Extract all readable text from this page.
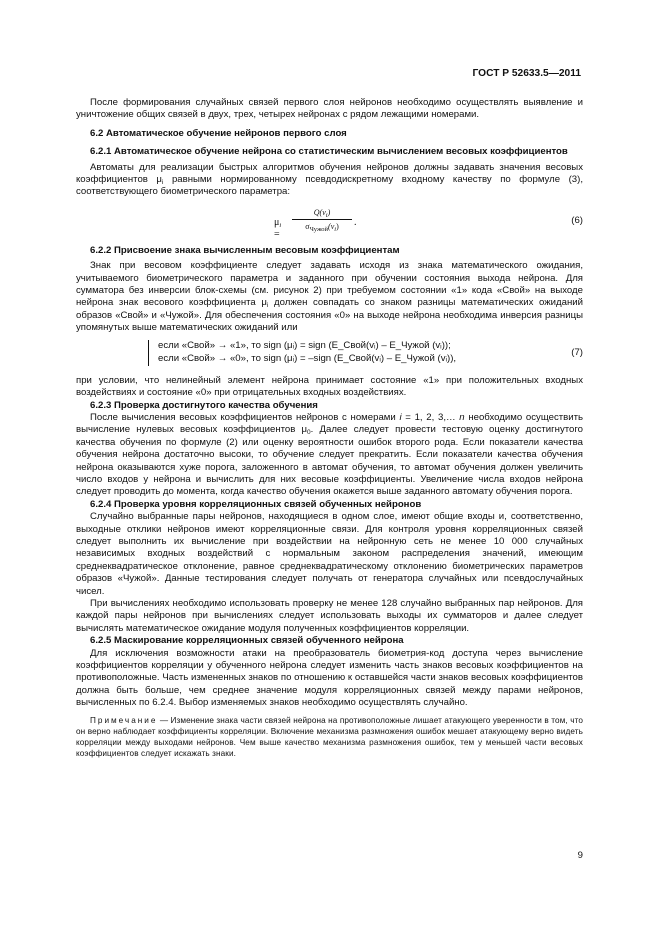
ГОСТ Р 52633.5—2011

После формирования случайных связей первого слоя нейронов необходимо осуществлять выявление и уничтожение общих связей в двух, трех, четырех нейронах с рядом лежащими номерами.

6.2 Автоматическое обучение нейронов первого слоя

6.2.1 Автоматическое обучение нейрона со статистическим вычислением весовых коэффициентов

Автоматы для реализации быстрых алгоритмов обучения нейронов должны задавать значения весовых коэффициентов $\mu_i$ равными нормированному псевдодискретному входному качеству по формуле (3), соответствующего биометрического параметра:

$\mu_i$ =
$Q(v_i)$
$\sigma_{Чужой}(v_i)$	.	(6)

6.2.2 Присвоение знака вычисленным весовым коэффициентам

Знак при весовом коэффициенте следует задавать исходя из знака математического ожидания, учитываемого биометрического параметра и заданного при обучении состояния выхода нейрона. Для сумматора без инверсии блок-схемы (см. рисунок 2) при требуемом состоянии «1» кода «Свой» на выходе нейрона знак весового коэффициента $\mu_i$ должен совпадать со знаком разницы математических ожиданий образов «Свой» и «Чужой». Для обеспечения состояния «0» на выходе нейрона необходима инверсия разницы упомянутых выше математических ожиданий или

если «Свой» → «1», то sign (μᵢ) = sign (E_Свой(vᵢ) – E_Чужой (vᵢ));
если «Свой» → «0», то sign (μᵢ) = –sign (E_Свой(vᵢ) – E_Чужой (vᵢ)),
(7)

при условии, что нелинейный элемент нейрона принимает состояние «1» при положительных входных воздействиях и состояние «0» при отрицательных входных воздействиях.

6.2.3 Проверка достигнутого качества обучения

После вычисления весовых коэффициентов нейронов с номерами i = 1, 2, 3,… n необходимо осуществить вычисление нулевых весовых коэффициентов $\mu_0$. Далее следует провести тестовую оценку достигнутого качества обучения по формуле (2) или оценку вероятности ошибок второго рода. Если показатели качества обучения нейрона достаточно высоки, то обучение следует прекратить. Если показатели качества обучения нейрона оказываются хуже порога, заложенного в автомат обучения, то автомат обучения должен увеличить число входов у нейрона и вычислить для них весовые коэффициенты. Увеличение числа входов нейрона следует проводить до момента, когда качество обучения окажется выше заданного автомату обучения порога.

6.2.4 Проверка уровня корреляционных связей обученных нейронов

Случайно выбранные пары нейронов, находящиеся в одном слое, имеют общие входы и, соответственно, выходные отклики нейронов имеют корреляционные связи. Для контроля уровня корреляционных связей следует выполнить их вычисление при воздействии на нейронную сеть не менее 10 000 случайных независимых входных воздействий с нормальным законом распределения значений, имеющим среднеквадратическое отклонение, равное среднеквадратическому отклонению биометрических параметров образов «Чужой». Данные тестирования следует получать от генератора случайных или псевдослучайных чисел.

При вычислениях необходимо использовать проверку не менее 128 случайно выбранных пар нейронов. Для каждой пары нейронов при вычислениях следует использовать выходы их сумматоров и далее следует вычислять математическое ожидание модуля полученных коэффициентов корреляции.

6.2.5 Маскирование корреляционных связей обученного нейрона

Для исключения возможности атаки на преобразователь биометрия-код доступа через вычисление коэффициентов корреляции у обученного нейрона следует изменить часть знаков весовых коэффициентов на противоположные. Часть измененных знаков по отношению к оставшейся части знаков весовых коэффициентов должна быть больше, чем среднее значение модуля корреляционных связей между парами нейронов, вычисленных по 6.2.4. Выбор изменяемых знаков необходимо осуществлять случайно.

Примечание — Изменение знака части связей нейрона на противоположные лишает атакующего уверенности в том, что он верно наблюдает коэффициенты корреляции. Включение механизма размножения ошибок мешает атакующему верно видеть корреляции между выходами нейронов. Чем выше качество механизма размножения ошибок, тем у меньшей части весовых коэффициентов следует искажать знаки.

9
